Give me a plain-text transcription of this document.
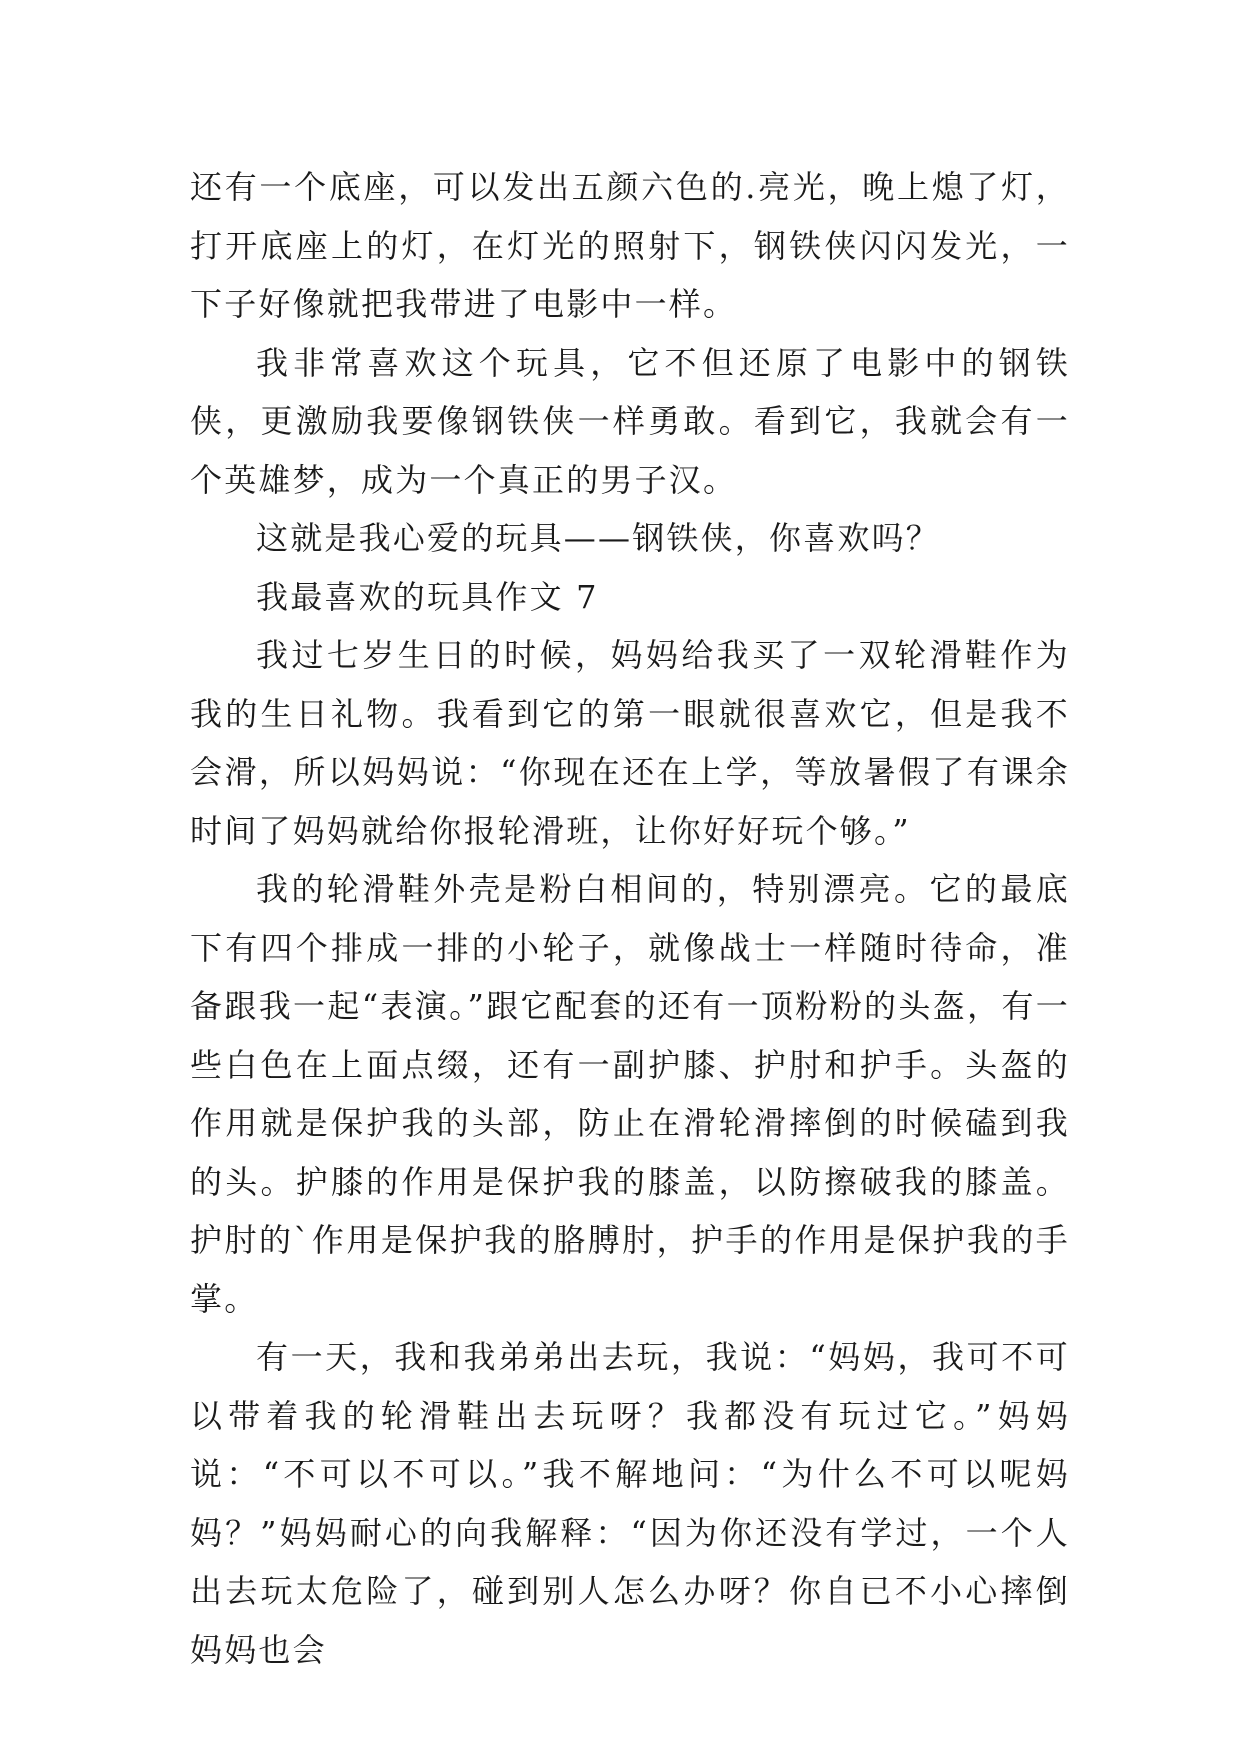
还有一个底座，可以发出五颜六色的.亮光，晚上熄了灯，打开底座上的灯，在灯光的照射下，钢铁侠闪闪发光，一下子好像就把我带进了电影中一样。

我非常喜欢这个玩具，它不但还原了电影中的钢铁侠，更激励我要像钢铁侠一样勇敢。看到它，我就会有一个英雄梦，成为一个真正的男子汉。

这就是我心爱的玩具——钢铁侠，你喜欢吗？

我最喜欢的玩具作文 7

我过七岁生日的时候，妈妈给我买了一双轮滑鞋作为我的生日礼物。我看到它的第一眼就很喜欢它，但是我不会滑，所以妈妈说：“你现在还在上学，等放暑假了有课余时间了妈妈就给你报轮滑班，让你好好玩个够。”

我的轮滑鞋外壳是粉白相间的，特别漂亮。它的最底下有四个排成一排的小轮子，就像战士一样随时待命，准备跟我一起“表演。”跟它配套的还有一顶粉粉的头盔，有一些白色在上面点缀，还有一副护膝、护肘和护手。头盔的作用就是保护我的头部，防止在滑轮滑摔倒的时候磕到我的头。护膝的作用是保护我的膝盖，以防擦破我的膝盖。护肘的`作用是保护我的胳膊肘，护手的作用是保护我的手掌。

有一天，我和我弟弟出去玩，我说：“妈妈，我可不可以带着我的轮滑鞋出去玩呀？我都没有玩过它。”妈妈说：“不可以不可以。”我不解地问：“为什么不可以呢妈妈？”妈妈耐心的向我解释：“因为你还没有学过，一个人出去玩太危险了，碰到别人怎么办呀？你自已不小心摔倒妈妈也会
